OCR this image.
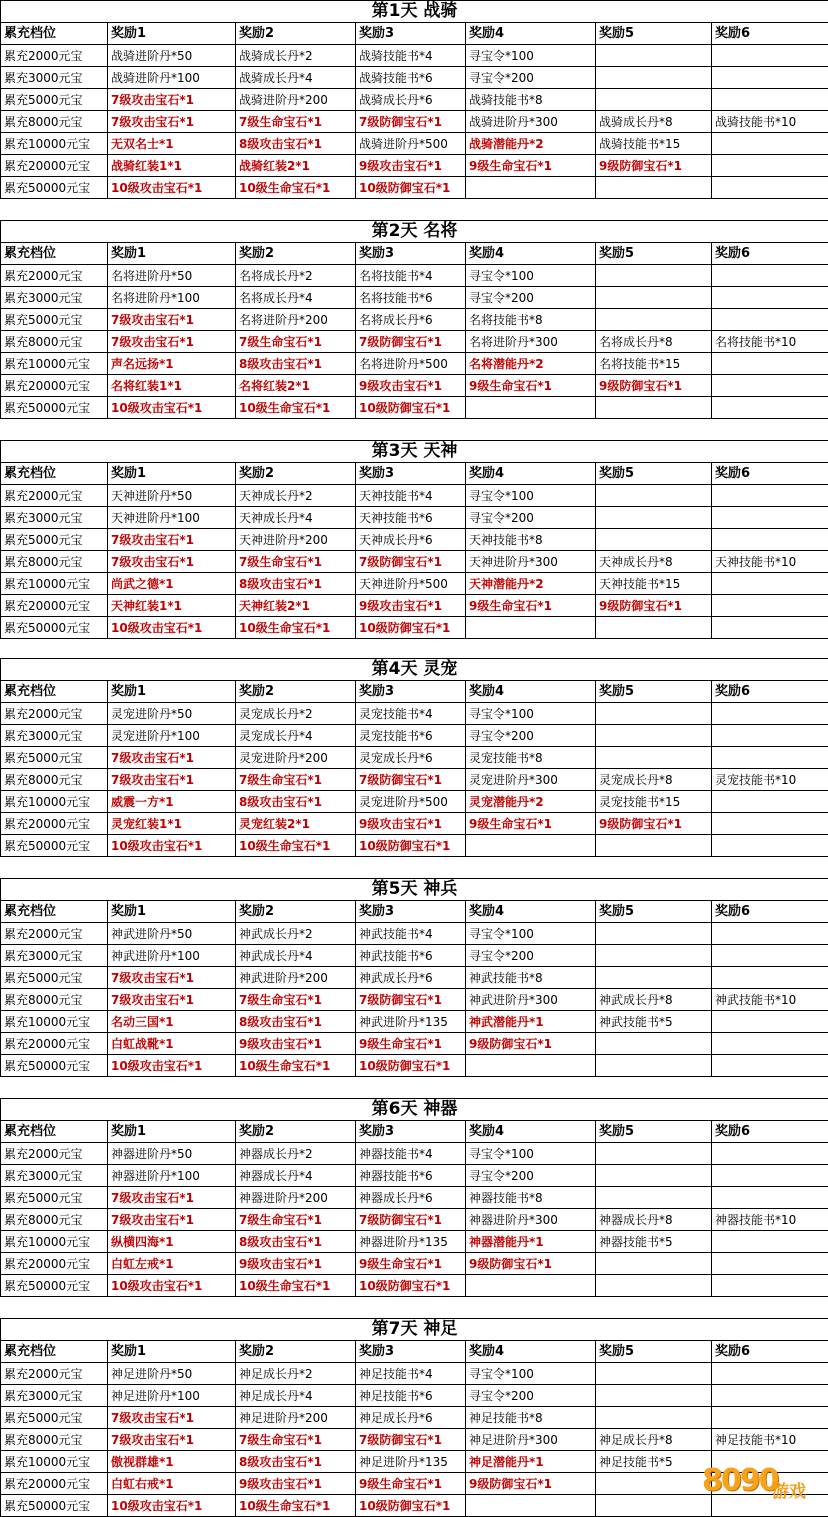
第1天 战骑						
累充档位	奖励1	奖励2	奖励3	奖励4	奖励5	奖励6
累充2000元宝	战骑进阶丹*50	战骑成长丹*2	战骑技能书*4	寻宝令*100		
累充3000元宝	战骑进阶丹*100	战骑成长丹*4	战骑技能书*6	寻宝令*200		
累充5000元宝	7级攻击宝石*1	战骑进阶丹*200	战骑成长丹*6	战骑技能书*8		
累充8000元宝	7级攻击宝石*1	7级生命宝石*1	7级防御宝石*1	战骑进阶丹*300	战骑成长丹*8	战骑技能书*10
累充10000元宝	无双名士*1	8级攻击宝石*1	战骑进阶丹*500	战骑潜能丹*2	战骑技能书*15	
累充20000元宝	战骑红装1*1	战骑红装2*1	9级攻击宝石*1	9级生命宝石*1	9级防御宝石*1	
累充50000元宝	10级攻击宝石*1	10级生命宝石*1	10级防御宝石*1			
第2天 名将						
累充档位	奖励1	奖励2	奖励3	奖励4	奖励5	奖励6
累充2000元宝	名将进阶丹*50	名将成长丹*2	名将技能书*4	寻宝令*100		
累充3000元宝	名将进阶丹*100	名将成长丹*4	名将技能书*6	寻宝令*200		
累充5000元宝	7级攻击宝石*1	名将进阶丹*200	名将成长丹*6	名将技能书*8		
累充8000元宝	7级攻击宝石*1	7级生命宝石*1	7级防御宝石*1	名将进阶丹*300	名将成长丹*8	名将技能书*10
累充10000元宝	声名远扬*1	8级攻击宝石*1	名将进阶丹*500	名将潜能丹*2	名将技能书*15	
累充20000元宝	名将红装1*1	名将红装2*1	9级攻击宝石*1	9级生命宝石*1	9级防御宝石*1	
累充50000元宝	10级攻击宝石*1	10级生命宝石*1	10级防御宝石*1			
第3天 天神						
累充档位	奖励1	奖励2	奖励3	奖励4	奖励5	奖励6
累充2000元宝	天神进阶丹*50	天神成长丹*2	天神技能书*4	寻宝令*100		
累充3000元宝	天神进阶丹*100	天神成长丹*4	天神技能书*6	寻宝令*200		
累充5000元宝	7级攻击宝石*1	天神进阶丹*200	天神成长丹*6	天神技能书*8		
累充8000元宝	7级攻击宝石*1	7级生命宝石*1	7级防御宝石*1	天神进阶丹*300	天神成长丹*8	天神技能书*10
累充10000元宝	尚武之德*1	8级攻击宝石*1	天神进阶丹*500	天神潜能丹*2	天神技能书*15	
累充20000元宝	天神红装1*1	天神红装2*1	9级攻击宝石*1	9级生命宝石*1	9级防御宝石*1	
累充50000元宝	10级攻击宝石*1	10级生命宝石*1	10级防御宝石*1			
第4天 灵宠						
累充档位	奖励1	奖励2	奖励3	奖励4	奖励5	奖励6
累充2000元宝	灵宠进阶丹*50	灵宠成长丹*2	灵宠技能书*4	寻宝令*100		
累充3000元宝	灵宠进阶丹*100	灵宠成长丹*4	灵宠技能书*6	寻宝令*200		
累充5000元宝	7级攻击宝石*1	灵宠进阶丹*200	灵宠成长丹*6	灵宠技能书*8		
累充8000元宝	7级攻击宝石*1	7级生命宝石*1	7级防御宝石*1	灵宠进阶丹*300	灵宠成长丹*8	灵宠技能书*10
累充10000元宝	威震一方*1	8级攻击宝石*1	灵宠进阶丹*500	灵宠潜能丹*2	灵宠技能书*15	
累充20000元宝	灵宠红装1*1	灵宠红装2*1	9级攻击宝石*1	9级生命宝石*1	9级防御宝石*1	
累充50000元宝	10级攻击宝石*1	10级生命宝石*1	10级防御宝石*1			
第5天 神兵						
累充档位	奖励1	奖励2	奖励3	奖励4	奖励5	奖励6
累充2000元宝	神武进阶丹*50	神武成长丹*2	神武技能书*4	寻宝令*100		
累充3000元宝	神武进阶丹*100	神武成长丹*4	神武技能书*6	寻宝令*200		
累充5000元宝	7级攻击宝石*1	神武进阶丹*200	神武成长丹*6	神武技能书*8		
累充8000元宝	7级攻击宝石*1	7级生命宝石*1	7级防御宝石*1	神武进阶丹*300	神武成长丹*8	神武技能书*10
累充10000元宝	名动三国*1	8级攻击宝石*1	神武进阶丹*135	神武潜能丹*1	神武技能书*5	
累充20000元宝	白虹战靴*1	9级攻击宝石*1	9级生命宝石*1	9级防御宝石*1		
累充50000元宝	10级攻击宝石*1	10级生命宝石*1	10级防御宝石*1			
第6天 神器						
累充档位	奖励1	奖励2	奖励3	奖励4	奖励5	奖励6
累充2000元宝	神器进阶丹*50	神器成长丹*2	神器技能书*4	寻宝令*100		
累充3000元宝	神器进阶丹*100	神器成长丹*4	神器技能书*6	寻宝令*200		
累充5000元宝	7级攻击宝石*1	神器进阶丹*200	神器成长丹*6	神器技能书*8		
累充8000元宝	7级攻击宝石*1	7级生命宝石*1	7级防御宝石*1	神器进阶丹*300	神器成长丹*8	神器技能书*10
累充10000元宝	纵横四海*1	8级攻击宝石*1	神器进阶丹*135	神器潜能丹*1	神器技能书*5	
累充20000元宝	白虹左戒*1	9级攻击宝石*1	9级生命宝石*1	9级防御宝石*1		
累充50000元宝	10级攻击宝石*1	10级生命宝石*1	10级防御宝石*1			
第7天 神足						
累充档位	奖励1	奖励2	奖励3	奖励4	奖励5	奖励6
累充2000元宝	神足进阶丹*50	神足成长丹*2	神足技能书*4	寻宝令*100		
累充3000元宝	神足进阶丹*100	神足成长丹*4	神足技能书*6	寻宝令*200		
累充5000元宝	7级攻击宝石*1	神足进阶丹*200	神足成长丹*6	神足技能书*8		
累充8000元宝	7级攻击宝石*1	7级生命宝石*1	7级防御宝石*1	神足进阶丹*300	神足成长丹*8	神足技能书*10
累充10000元宝	傲视群雄*1	8级攻击宝石*1	神足进阶丹*135	神足潜能丹*1	神足技能书*5	
累充20000元宝	白虹右戒*1	9级攻击宝石*1	9级生命宝石*1	9级防御宝石*1		
累充50000元宝	10级攻击宝石*1	10级生命宝石*1	10级防御宝石*1			
8090
游戏
